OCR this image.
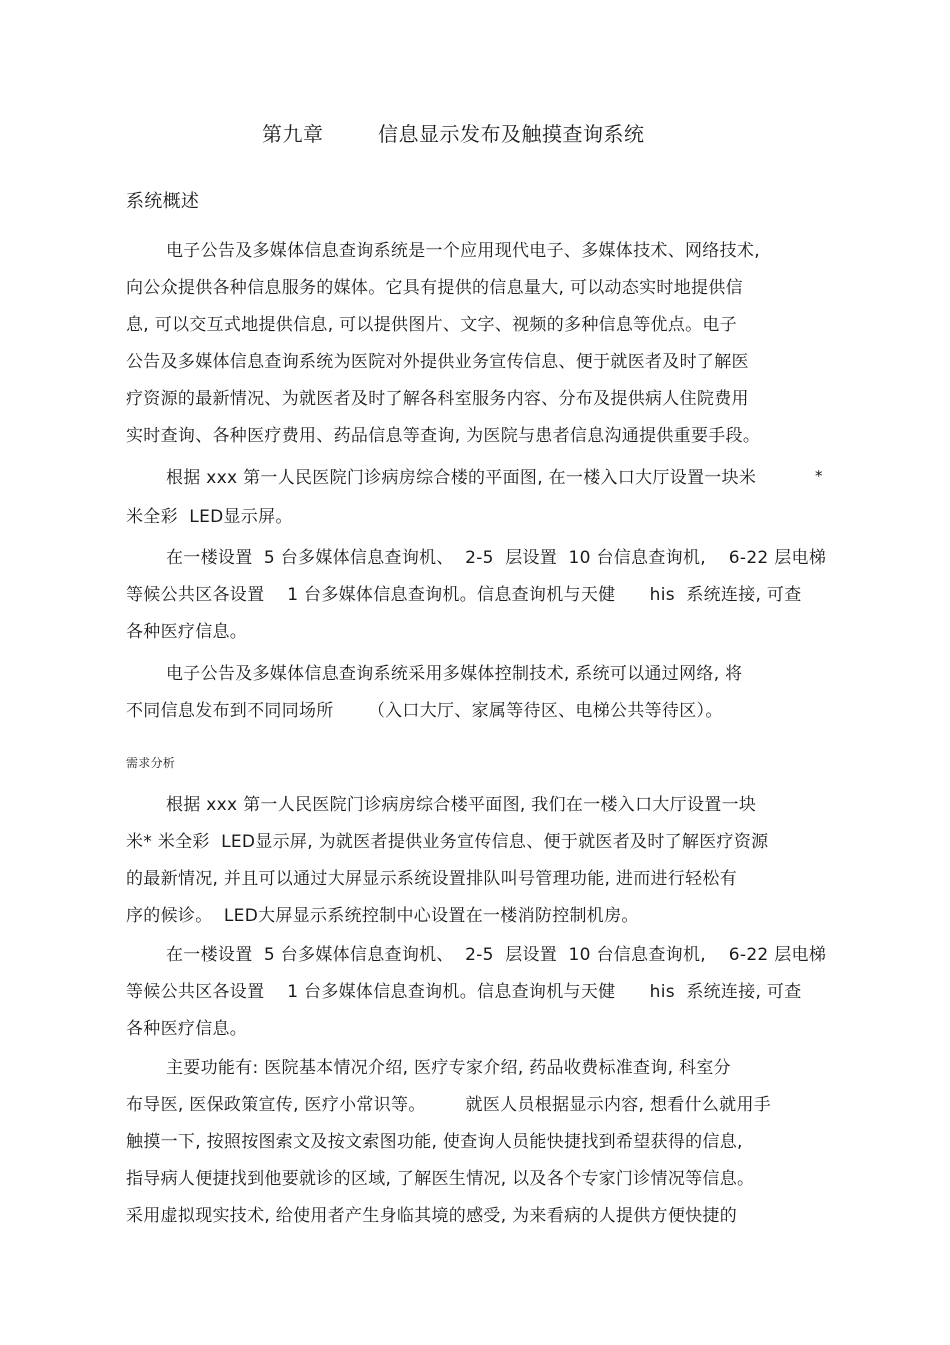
第九章	信息显示发布及触摸查询系统
系统概述
电子公告及多媒体信息查询系统是一个应用现代电子、多媒体技术、网络技术,
向公众提供各种信息服务的媒体。它具有提供的信息量大, 可以动态实时地提供信
息, 可以交互式地提供信息, 可以提供图片、文字、视频的多种信息等优点。电子
公告及多媒体信息查询系统为医院对外提供业务宣传信息、便于就医者及时了解医
疗资源的最新情况、为就医者及时了解各科室服务内容、分布及提供病人住院费用
实时查询、各种医疗费用、药品信息等查询, 为医院与患者信息沟通提供重要手段。
根据 xxx 第一人民医院门诊病房综合楼的平面图, 在一楼入口大厅设置一块米	*
米全彩  LED显示屏。
在一楼设置  5 台多媒体信息查询机、  2-5  层设置  10 台信息查询机,    6-22 层电梯
等候公共区各设置    1 台多媒体信息查询机。信息查询机与天健      his  系统连接, 可查
各种医疗信息。
电子公告及多媒体信息查询系统采用多媒体控制技术, 系统可以通过网络, 将
不同信息发布到不同同场所      （入口大厅、家属等待区、电梯公共等待区）。
需求分析
根据 xxx 第一人民医院门诊病房综合楼平面图, 我们在一楼入口大厅设置一块
米* 米全彩  LED显示屏, 为就医者提供业务宣传信息、便于就医者及时了解医疗资源
的最新情况, 并且可以通过大屏显示系统设置排队叫号管理功能, 进而进行轻松有
序的候诊。  LED大屏显示系统控制中心设置在一楼消防控制机房。
在一楼设置  5 台多媒体信息查询机、  2-5  层设置  10 台信息查询机,    6-22 层电梯
等候公共区各设置    1 台多媒体信息查询机。信息查询机与天健      his  系统连接, 可查
各种医疗信息。
主要功能有: 医院基本情况介绍, 医疗专家介绍, 药品收费标准查询, 科室分
布导医, 医保政策宣传, 医疗小常识等。       就医人员根据显示内容, 想看什么就用手
触摸一下, 按照按图索文及按文索图功能, 使查询人员能快捷找到希望获得的信息,
指导病人便捷找到他要就诊的区域, 了解医生情况, 以及各个专家门诊情况等信息。
采用虚拟现实技术, 给使用者产生身临其境的感受, 为来看病的人提供方便快捷的
